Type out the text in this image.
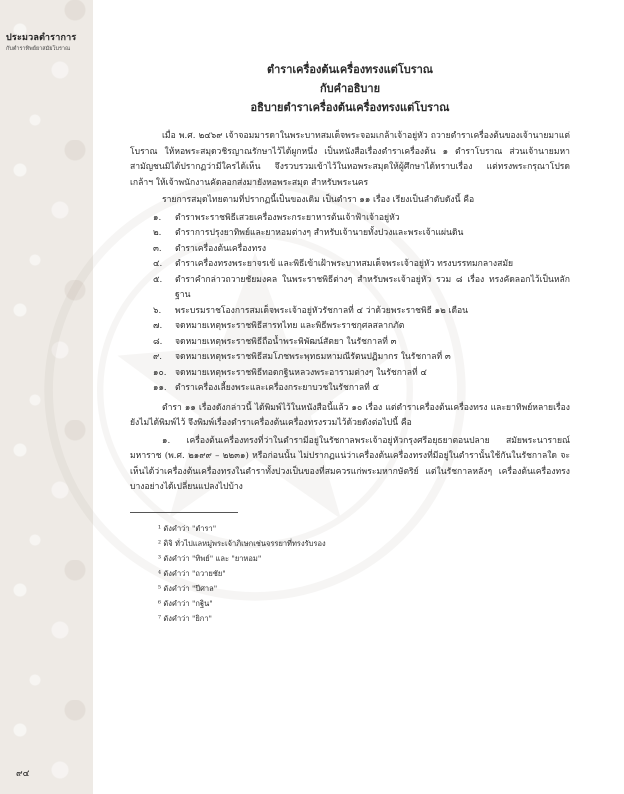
ประมวลตำราการ
กับตำราทิพย์ยาสมัยโบราณ
ตำราเครื่องต้นเครื่องทรงแต่โบราณ
กับคำอธิบาย
อธิบายตำราเครื่องต้นเครื่องทรงแต่โบราณ

เมื่อ พ.ศ. ๒๔๖๙ เจ้าจอมมารดาในพระบาทสมเด็จพระจอมเกล้าเจ้าอยู่หัว ถวายตำราเครื่องต้นของเจ้านายมาแต่โบราณ ให้หอพระสมุดวชิรญาณรักษาไว้ได้ผูกหนึ่ง เป็นหนังสือเรื่องตำราเครื่องต้น ๑ ตำราโบราณ ส่วนเจ้านายมหาสามัญชนมิได้ปรากฏว่ามีใครได้เห็น จึงรวบรวมเข้าไว้ในหอพระสมุดให้ผู้ศึกษาได้ทราบเรื่อง แต่ทรงพระกรุณาโปรดเกล้าฯ ให้เจ้าพนักงานคัดลอกส่งมายังหอพระสมุด สำหรับพระนคร

รายการสมุดไทยตามที่ปรากฏนี้เป็นของเดิม เป็นตำรา ๑๑ เรื่อง เรียงเป็นลำดับดังนี้ คือ

๑. ตำราพระราชพิธีเสวยเครื่องพระกระยาหารต้นเจ้าฟ้าเจ้าอยู่หัว
๒. ตำราการปรุงยาทิพย์และยาหอมต่างๆ สำหรับเจ้านายทั้งปวงและพระเจ้าแผ่นดิน
๓. ตำราเครื่องต้นเครื่องทรง
๔. ตำราเครื่องทรงพระยาจรเข้ และพิธีเข้าเฝ้าพระบาทสมเด็จพระเจ้าอยู่หัว ทรงบรรทมกลางสมัย
๕. ตำราคำกล่าวถวายชัยมงคล ในพระราชพิธีต่างๆ สำหรับพระเจ้าอยู่หัว รวม ๘ เรื่อง ทรงคัดลอกไว้เป็นหลักฐาน
๖. พระบรมราชโองการสมเด็จพระเจ้าอยู่หัวรัชกาลที่ ๔ ว่าด้วยพระราชพิธี ๑๒ เดือน
๗. จดหมายเหตุพระราชพิธีสารทไทย และพิธีพระราชกุศลสลากภัต
๘. จดหมายเหตุพระราชพิธีถือน้ำพระพิพัฒน์สัตยา ในรัชกาลที่ ๓
๙. จดหมายเหตุพระราชพิธีสมโภชพระพุทธมหามณีรัตนปฏิมากร ในรัชกาลที่ ๓
๑๐. จดหมายเหตุพระราชพิธีทอดกฐินหลวงพระอารามต่างๆ ในรัชกาลที่ ๔
๑๑. ตำราเครื่องเลี้ยงพระและเครื่องกระยาบวชในรัชกาลที่ ๕

ตำรา ๑๑ เรื่องดังกล่าวนี้ ได้พิมพ์ไว้ในหนังสือนี้แล้ว ๑๐ เรื่อง แต่ตำราเครื่องต้นเครื่องทรง และยาทิพย์หลายเรื่องยังไม่ได้พิมพ์ไว้ จึงพิมพ์เรื่องตำราเครื่องต้นเครื่องทรงรวมไว้ด้วยดังต่อไปนี้ คือ

๑. เครื่องต้นเครื่องทรงที่ว่าในตำรามีอยู่ในรัชกาลพระเจ้าอยู่หัวกรุงศรีอยุธยาตอนปลาย สมัยพระนารายณ์มหาราช (พ.ศ. ๒๑๙๙ – ๒๒๓๑) หรือก่อนนั้น ไม่ปรากฏแน่ว่าเครื่องต้นเครื่องทรงที่มีอยู่ในตำรานั้นใช้กันในรัชกาลใด จะเห็นได้ว่าเครื่องต้นเครื่องทรงในตำราทั้งปวงเป็นของที่สมควรแก่พระมหากษัตริย์ แต่ในรัชกาลหลังๆ เครื่องต้นเครื่องทรงบางอย่างได้เปลี่ยนแปลงไปบ้าง

¹ ดังคำว่า "ตำรา"
² ดิจิ ทั่วไปแลหมู่พระเจ้าภิเษกเช่นจรรยาที่ทรงรับรอง
³ ดังคำว่า "ทิพย์" และ "ยาหอม"
⁴ ดังคำว่า "ถวายชัย"
⁵ ดังคำว่า "ปีศาล"
⁶ ดังคำว่า "กฐิน"
⁷ ดังคำว่า "ยิกา"
๙๔
